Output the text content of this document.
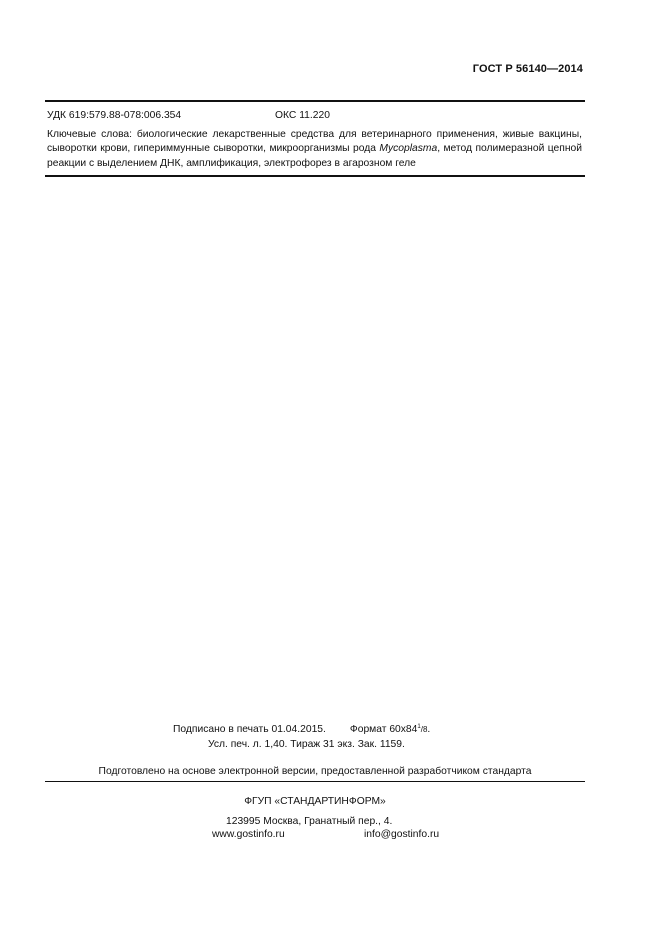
ГОСТ Р 56140—2014
УДК 619:579.88-078:006.354	ОКС 11.220
Ключевые слова: биологические лекарственные средства для ветеринарного применения, живые вакцины, сыворотки крови, гипериммунные сыворотки, микроорганизмы рода Mycoplasma, метод полимеразной цепной реакции с выделением ДНК, амплификация, электрофорез в агарозном геле
Подписано в печать 01.04.2015. Формат $60x84^1/8$.
Усл. печ. л. 1,40. Тираж 31 экз. Зак. 1159.
Подготовлено на основе электронной версии, предоставленной разработчиком стандарта
ФГУП «СТАНДАРТИНФОРМ»
123995 Москва, Гранатный пер., 4.
www.gostinfo.ru	info@gostinfo.ru
